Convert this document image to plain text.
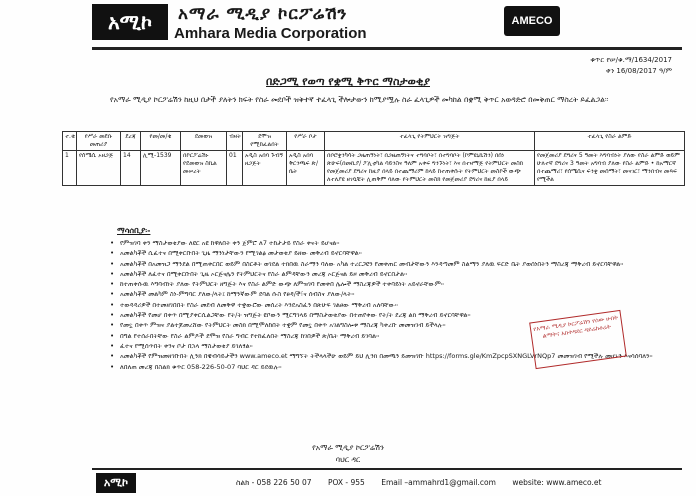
አሚኮ	አማራ ሚዲያ ኮርፖሬሽን
Amhara Media Corporation
AMECO
ቁጥር የሠ/ቁ.ማ/1634/2017
ቀን 16/08/2017 ዓ/ም
በድጋሚ የወጣ የቋሚ ቅጥር ማስታወቂያ
የአማራ ሚዲያ ኮርፖሬሽን ከዚህ በታች ያለትን ክፍት የስራ መደቦች ዝቅተኛ ተፈላጊ ችሎታውን ከሚያሟሉ ስራ ፈላጊዎች መካከል በቋሚ ቅጥር አወዳድሮ በመቅጠር ማስረት ይፈልጋል፡፡
ተ.ቁ	የሥራ መደቡ መጠሪያ	ደረጃ	የመ/መ/ቁ	ደመወዝ	ብዛት	ደሞዝ የሚከፈልበት	የሥራ ቦታ	ተፈላጊ የትምህርት ዝግጅት	ተፈላጊ የስራ ልምድ
1	የሰሜሲ ኦዘጋጅ	14	ሊሚ-1539	በኮርፖሬሽኑ የደመወዝ ስኬል መሠረት	01	አዲስ አበባ ጉብኝ ዘጋጅት	አዲስ አበባ ቅርንጫፍ ጽ/ቤት	በቦሮቋንካሳት ጋዜጠኝነት፣ በጋዜጠኝነትና ተግባቦት፣ በተግባቦት (ኮምዩኒኬሽን) በሰነ ጽሁፍ(በመኪያ/ ፖሊቲካል ሳይንስና ዓለም አቀፍ ግንኙነት፣ እና በተዛማጅ የትምህርት መስክ የመጀመሪያ ደግሪና ከዚያ በላይ በተጨማሪም ከላይ ከተጠቀሱት የትምህርት መስኮች ውጭ ለተለያዩ ዘገቧቹት ሊጠቅም ባለው የትምህርት መስክ የመጀመሪያ ደግሪና ከዚያ በላይ	የመጀመሪያ ደግሪና 5 ዓመት እግባብነት ያለው የስራ ልምድ ወይም ሁለተኛ ደግሪና 3 ዓመት አግባብ ያለው የስራ ልምድ • ከአማርኛ በተጨማሪ፣ የሰሜሲና ፍንቋ መሰማት፣ መናገር፣ ማንበብና መጻፍ የሚችል
ማሳሰቢያ፡-
• የምዝገባ ቀን ማስታወቂያው ለዩር አዩ ከዋለበት ቀን ጀምሮ ለ7 ተከታታይ የስራ ቀናት ይሆናል፡፡
• አመልካቾች ሲፈተና በሚቀርቡበት ጊዜ ማንነታቸውን የሚገልፅ መታወቂያ ይዘው መቅረብ ይኖርባቸዋል፡፡
• አመልካቾች በአመዝጋ ማንደል በሚጠቀርበር ወይም በስርቶት ወገደል ተክበዉ ስራማን ባለው አካል ተረርጋዩን የመቀጠር መብታቸውን እንዳጣመም ስልማን ያለዉ ፍርድ ቤት ያወሰነበትን ማስረጃ ማቅረብ ይኖርባቸዋል፡፡
• አመልካቾች ለፈተና በሚቀርቡበት ጊዜ ኦርጅናሌን የትምህርትና የስራ ልምዳቸውን መረጃ ኦርጅናል ይዞ መቅረብ ይኖርበታል፡፡
• ከተጠቀሱዉ እግባብነት ያለው የትምህርት ዘግጅት እና የስራ ልምድ ውጭ ለምዝገባ የመቀበ ሌሎች ማስረጃዎች ተቀባይነት አይኖራቸውም፡፡
• አመልካቾች መልካም ስነ-ምግባር ያለው/ላት፤ ከማንኛውም ደባል ሱስ የፀዳ/ች፣ና ሰብስና ያለው/ላት፡፡
• ተወዳዳሪዎች በተመዘገበበት የስራ መደብ ለመቅዋ ተቋውሮው መሰረት እንደአስፈን በጽሁፍ ገልፀው ማቅረብ አለባቸው፡፡
• አመልካቾች የመሆ በቀጥ በሚያቀርሲልጋቸው የት/ት ዝግጅት ዩቦውን ሚርግገላይ በማስታወቂያው በተጠየቀው የት/ት ደረጃ ልክ ማቅረብ ይኖርባቸዋል፡፡
• የመኗ በቀጥ ምዝና ያልተጆመረሸው የትምህርት መስክ በሚሞለከበት ተቋም የመኗ በቀጥ አገልግስሎቱ ማስረጃ ካቀረቡ መመዝገብ ይችላሉ፡፡
• በግል የተሰራበትቸው የስራ ልምዶች ደሞዝ የስራ ግብር የተከፈለበት ማስረጃ ከገበዎች ጽ/ቤት ማቅረብ ይገባል፡፡
• ፈተና የሚሰጥበት ቀንና ቦታ በኋላ ማስታወቂያ ይገለፃል፡፡
• አመልካቾች የምዝመዘገቡበት ሊንክ በዌብሳይታችን www.ameco.et ማግኘት ትችላላችሁ ወይም ይህ ሊንክ በመጫን ይመዝገቡ https://forms.gle/KmZpcpSXNGLVrNQp7 መመዝገብ የሚችሉ መሆኑን እናሳሰባለን፡፡
• ለበለጠ መረጃ በስልክ ቁጥር 058-226-50-07 ባህር ዳር ይደዉሉ፡፡
የአማራ ሚዲያ ኮርፖሬሽን የሰው ሀብት ልማትና አስተዳደር ዳይሬክቶሬት
የአማራ ሚዲያ ኮርፖሬሽን
ባህር ዳር
አሚኮ	ስልክ - 058 226 50 07 POX - 955 Email –ammahrd1@gmail.com website: www.ameco.et
